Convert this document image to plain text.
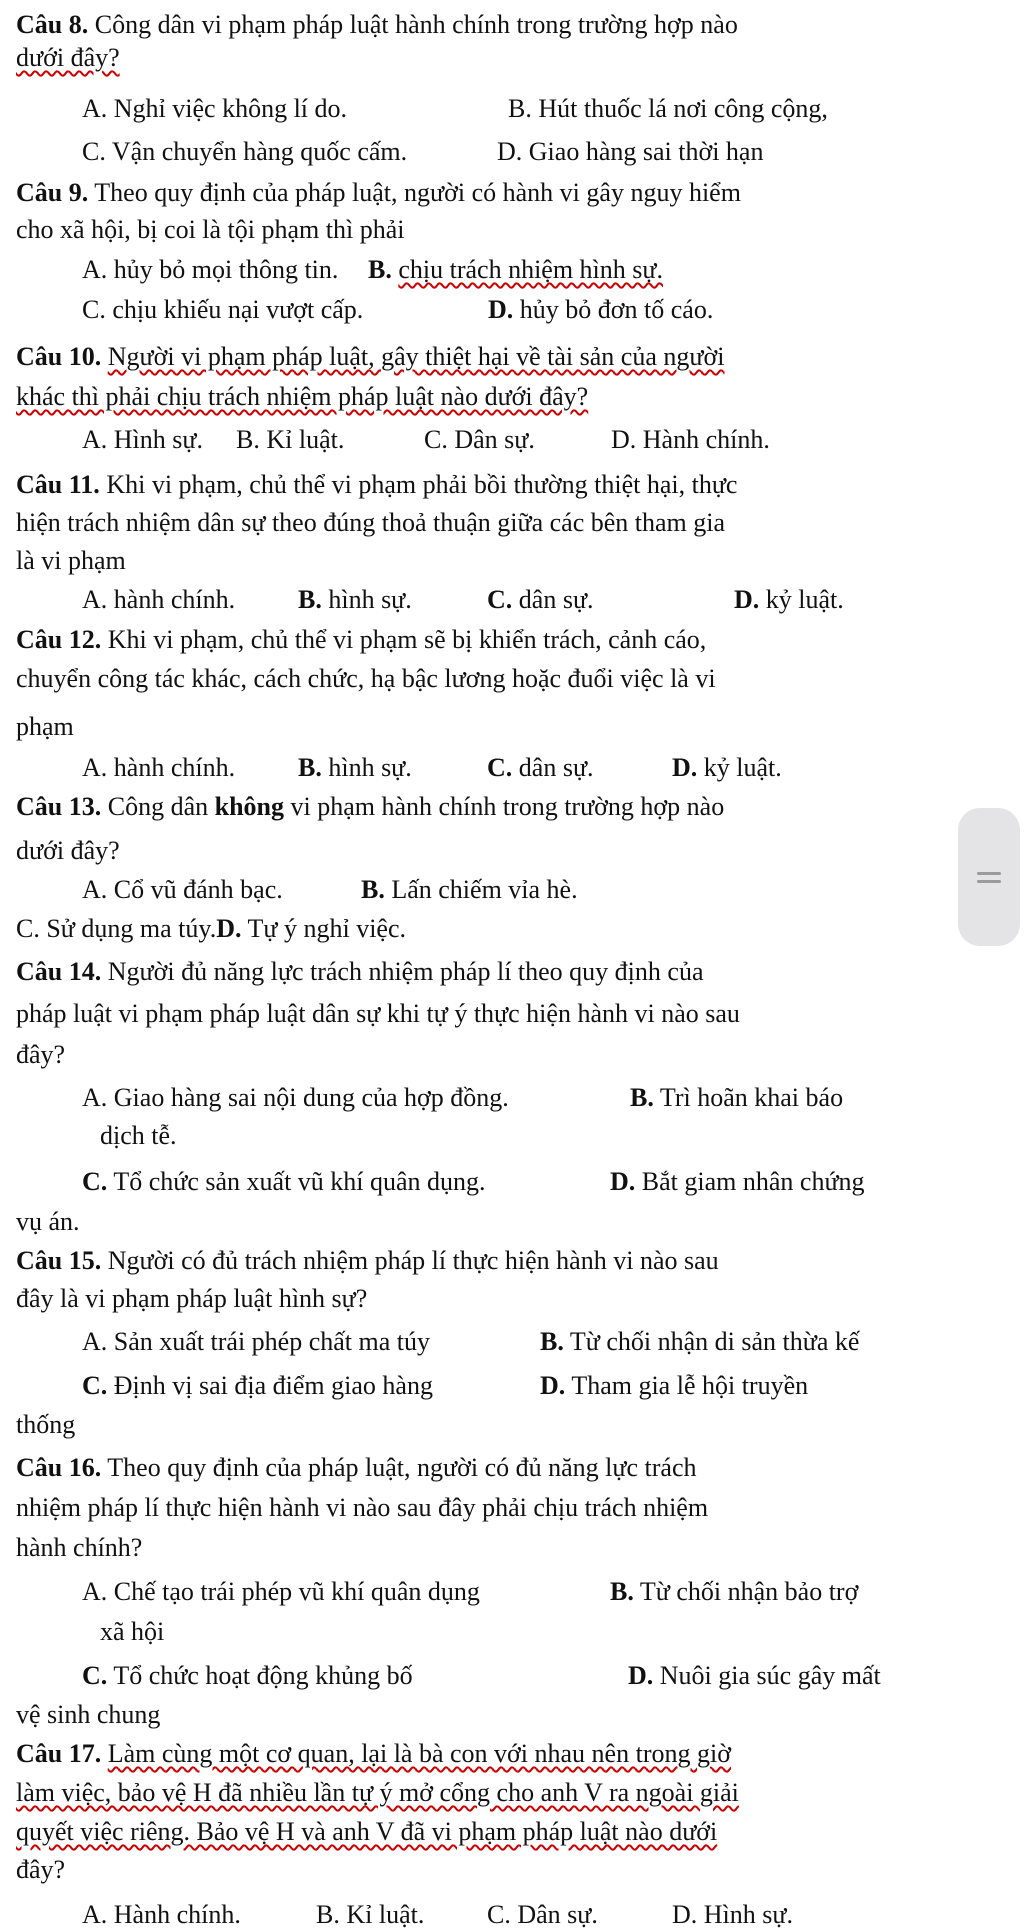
Câu 8. Công dân vi phạm pháp luật hành chính trong trường hợp nào
dưới đây?
A. Nghỉ việc không lí do.	B. Hút thuốc lá nơi công cộng,
C. Vận chuyển hàng quốc cấm.	D. Giao hàng sai thời hạn
Câu 9. Theo quy định của pháp luật, người có hành vi gây nguy hiểm
cho xã hội, bị coi là tội phạm thì phải
A. hủy bỏ mọi thông tin. B. chịu trách nhiệm hình sự.
C. chịu khiếu nại vượt cấp.	D. hủy bỏ đơn tố cáo.
Câu 10. Người vi phạm pháp luật, gây thiệt hại về tài sản của người
khác thì phải chịu trách nhiệm pháp luật nào dưới đây?
A. Hình sự. B. Kỉ luật.	C. Dân sự.	D. Hành chính.
Câu 11. Khi vi phạm, chủ thể vi phạm phải bồi thường thiệt hại, thực
hiện trách nhiệm dân sự theo đúng thoả thuận giữa các bên tham gia
là vi phạm
A. hành chính. B. hình sự.	C. dân sự.	D. kỷ luật.
Câu 12. Khi vi phạm, chủ thể vi phạm sẽ bị khiển trách, cảnh cáo,
chuyển công tác khác, cách chức, hạ bậc lương hoặc đuổi việc là vi
phạm
A. hành chính. B. hình sự.	C. dân sự.	D. kỷ luật.
Câu 13. Công dân không vi phạm hành chính trong trường hợp nào
dưới đây?
A. Cổ vũ đánh bạc.	B. Lấn chiếm vỉa hè.
C. Sử dụng ma túy.D. Tự ý nghỉ việc.
Câu 14. Người đủ năng lực trách nhiệm pháp lí theo quy định của
pháp luật vi phạm pháp luật dân sự khi tự ý thực hiện hành vi nào sau
đây?
A. Giao hàng sai nội dung của hợp đồng.	B. Trì hoãn khai báo
dịch tễ.
C. Tổ chức sản xuất vũ khí quân dụng.	D. Bắt giam nhân chứng
vụ án.
Câu 15. Người có đủ trách nhiệm pháp lí thực hiện hành vi nào sau
đây là vi phạm pháp luật hình sự?
A. Sản xuất trái phép chất ma túy	B. Từ chối nhận di sản thừa kế
C. Định vị sai địa điểm giao hàng	D. Tham gia lễ hội truyền
thống
Câu 16. Theo quy định của pháp luật, người có đủ năng lực trách
nhiệm pháp lí thực hiện hành vi nào sau đây phải chịu trách nhiệm
hành chính?
A. Chế tạo trái phép vũ khí quân dụng	B. Từ chối nhận bảo trợ
xã hội
C. Tổ chức hoạt động khủng bố	D. Nuôi gia súc gây mất
vệ sinh chung
Câu 17. Làm cùng một cơ quan, lại là bà con với nhau nên trong giờ
làm việc, bảo vệ H đã nhiều lần tự ý mở cổng cho anh V ra ngoài giải
quyết việc riêng. Bảo vệ H và anh V đã vi phạm pháp luật nào dưới
đây?
A. Hành chính.	B. Kỉ luật. C. Dân sự.	D. Hình sự.
